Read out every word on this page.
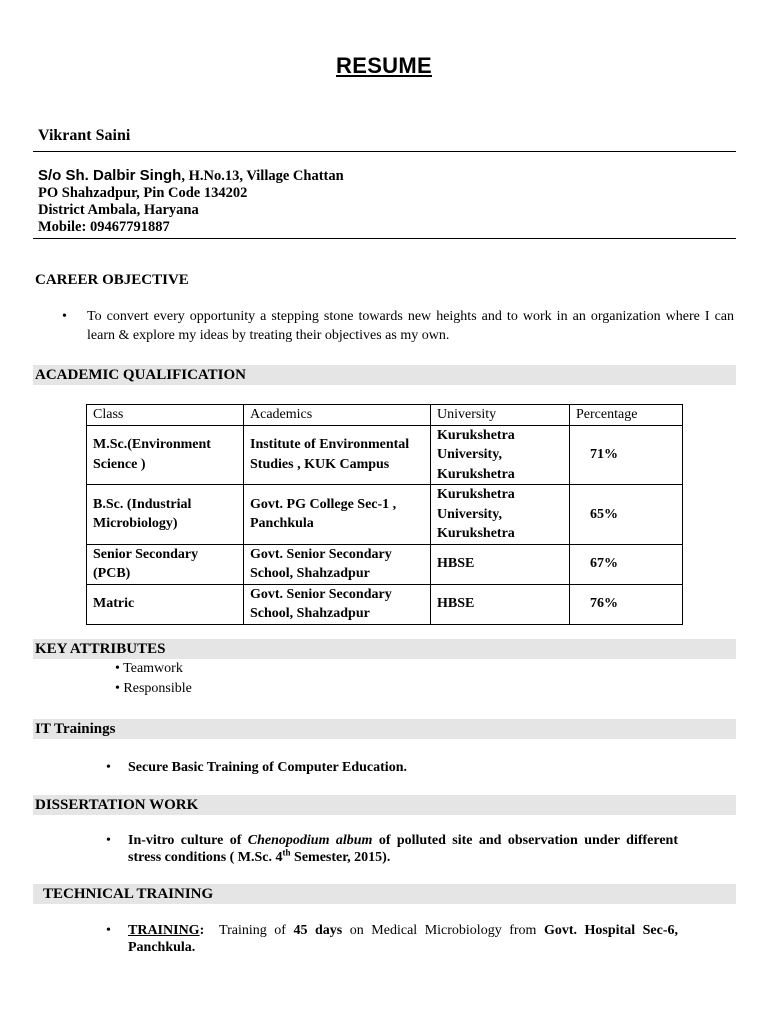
RESUME
Vikrant Saini
S/o Sh. Dalbir Singh, H.No.13, Village Chattan
PO Shahzadpur, Pin Code 134202
District Ambala, Haryana
Mobile: 09467791887
CAREER OBJECTIVE
• To convert every opportunity a stepping stone towards new heights and to work in an organization where I can learn & explore my ideas by treating their objectives as my own.
ACADEMIC QUALIFICATION
Class	Academics	University	Percentage
M.Sc.(Environment Science )	Institute of Environmental Studies , KUK Campus	Kurukshetra University, Kurukshetra	71%
B.Sc. (Industrial Microbiology)	Govt. PG College Sec-1 , Panchkula	Kurukshetra University, Kurukshetra	65%
Senior Secondary (PCB)	Govt. Senior Secondary School, Shahzadpur	HBSE	67%
Matric	Govt. Senior Secondary School, Shahzadpur	HBSE	76%
KEY ATTRIBUTES
• Teamwork
• Responsible
IT Trainings
• Secure Basic Training of Computer Education.
DISSERTATION WORK
• In-vitro culture of Chenopodium album of polluted site and observation under different stress conditions ( M.Sc. 4th Semester, 2015).
TECHNICAL TRAINING
• TRAINING:  Training of 45 days on Medical Microbiology from Govt. Hospital Sec-6, Panchkula.
